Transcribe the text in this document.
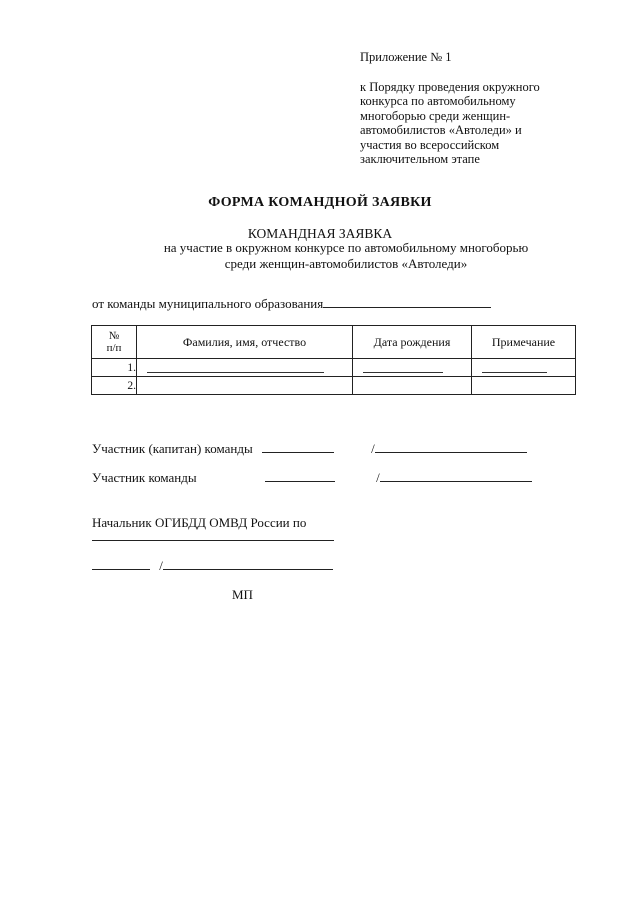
Приложение № 1
к Порядку проведения окружного
конкурса по автомобильному
многоборью среди женщин-
автомобилистов «Автоледи» и
участия во всероссийском
заключительном этапе
ФОРМА КОМАНДНОЙ ЗАЯВКИ
КОМАНДНАЯ ЗАЯВКА
на участие в окружном конкурсе по автомобильному многоборью
среди женщин-автомобилистов «Автоледи»
от команды муниципального образования
№
п/п	Фамилия, имя, отчество	Дата рождения	Примечание
1.	

2.			
Участник (капитан) команды	/
Участник команды	/
Начальник ОГИБДД ОМВД России по
/
МП
